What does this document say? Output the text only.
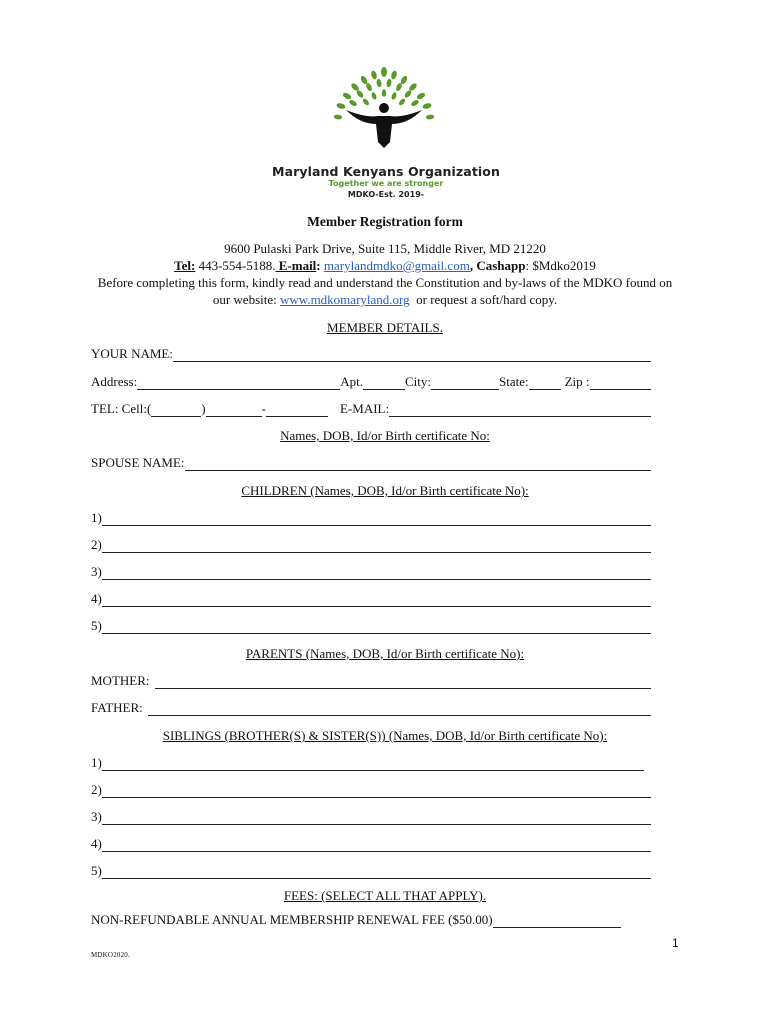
Maryland Kenyans Organization
Together we are stronger
MDKO-Est. 2019-
Member Registration form
9600 Pulaski Park Drive, Suite 115, Middle River, MD 21220
Tel: 443-554-5188. E-mail: marylandmdko@gmail.com, Cashapp: $Mdko2019
Before completing this form, kindly read and understand the Constitution and by-laws of the MDKO found on
our website: www.mdkomaryland.org  or request a soft/hard copy.
MEMBER DETAILS.
YOUR NAME:
Address:	Apt.	City:	State:	Zip :
TEL: Cell:(	)	-	E-MAIL:
Names, DOB, Id/or Birth certificate No:
SPOUSE NAME:
CHILDREN (Names, DOB, Id/or Birth certificate No):
1)
2)
3)
4)
5)
PARENTS (Names, DOB, Id/or Birth certificate No):
MOTHER:
FATHER:
SIBLINGS (BROTHER(S) & SISTER(S)) (Names, DOB, Id/or Birth certificate No):
1)
2)
3)
4)
5)
FEES: (SELECT ALL THAT APPLY).
NON-REFUNDABLE ANNUAL MEMBERSHIP RENEWAL FEE ($50.00)
1
MDKO2020.
